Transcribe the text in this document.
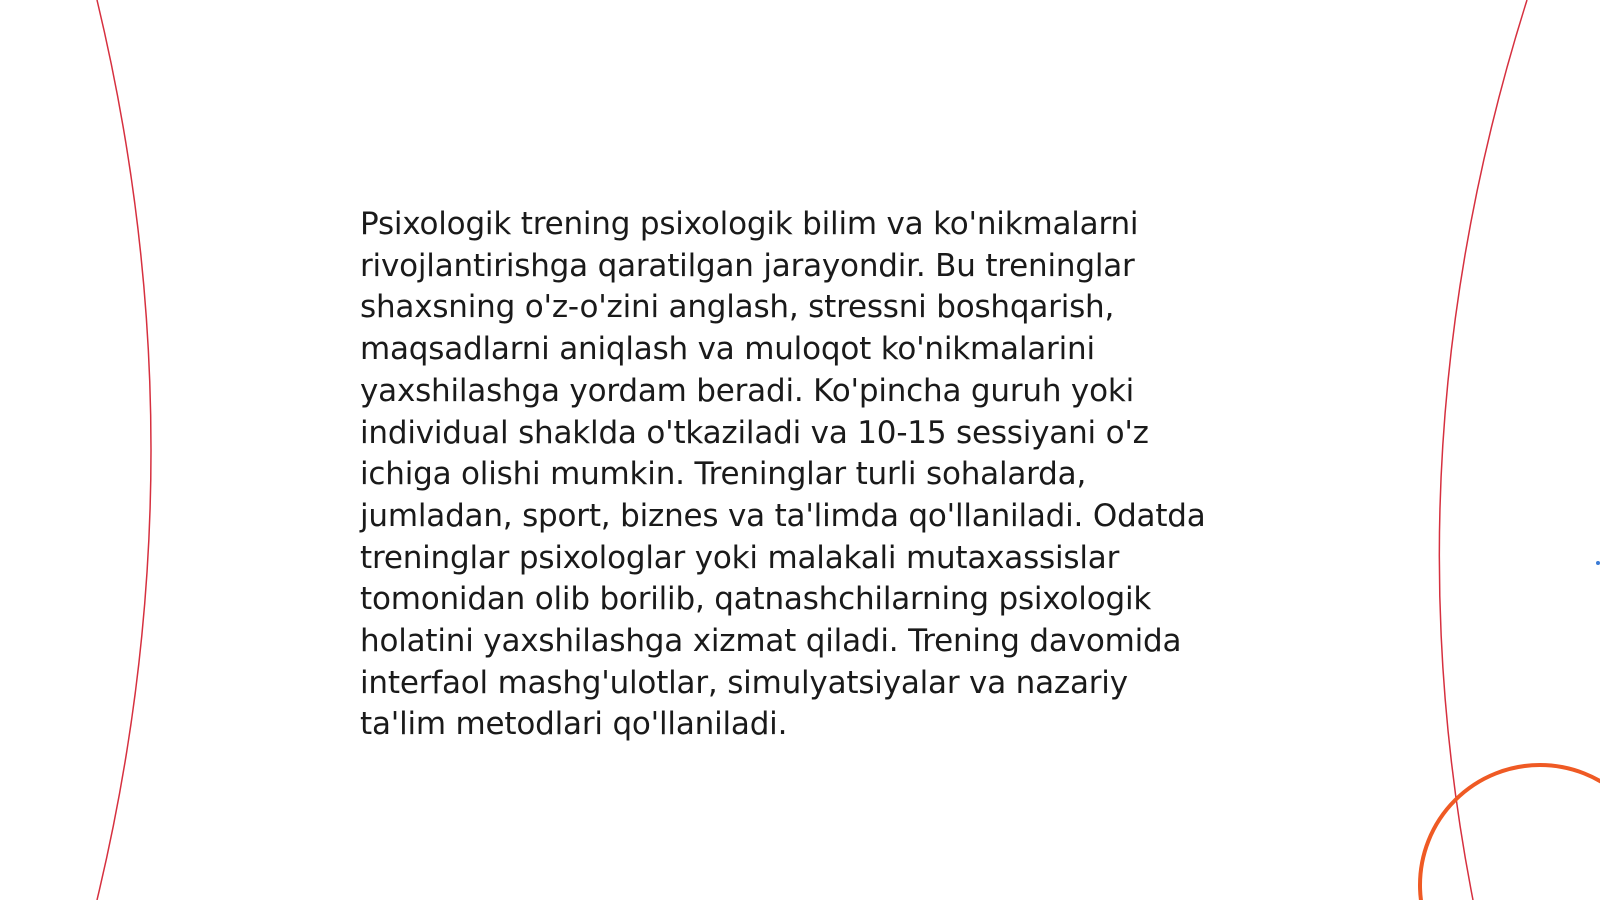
Psixologik trening psixologik bilim va ko'nikmalarni rivojlantirishga qaratilgan jarayondir. Bu treninglar shaxsning o'z-o'zini anglash, stressni boshqarish, maqsadlarni aniqlash va muloqot ko'nikmalarini yaxshilashga yordam beradi. Ko'pincha guruh yoki individual shaklda o'tkaziladi va 10-15 sessiyani o'z ichiga olishi mumkin. Treninglar turli sohalarda, jumladan, sport, biznes va ta'limda qo'llaniladi. Odatda treninglar psixologlar yoki malakali mutaxassislar tomonidan olib borilib, qatnashchilarning psixologik holatini yaxshilashga xizmat qiladi. Trening davomida interfaol mashg'ulotlar, simulyatsiyalar va nazariy ta'lim metodlari qo'llaniladi.
